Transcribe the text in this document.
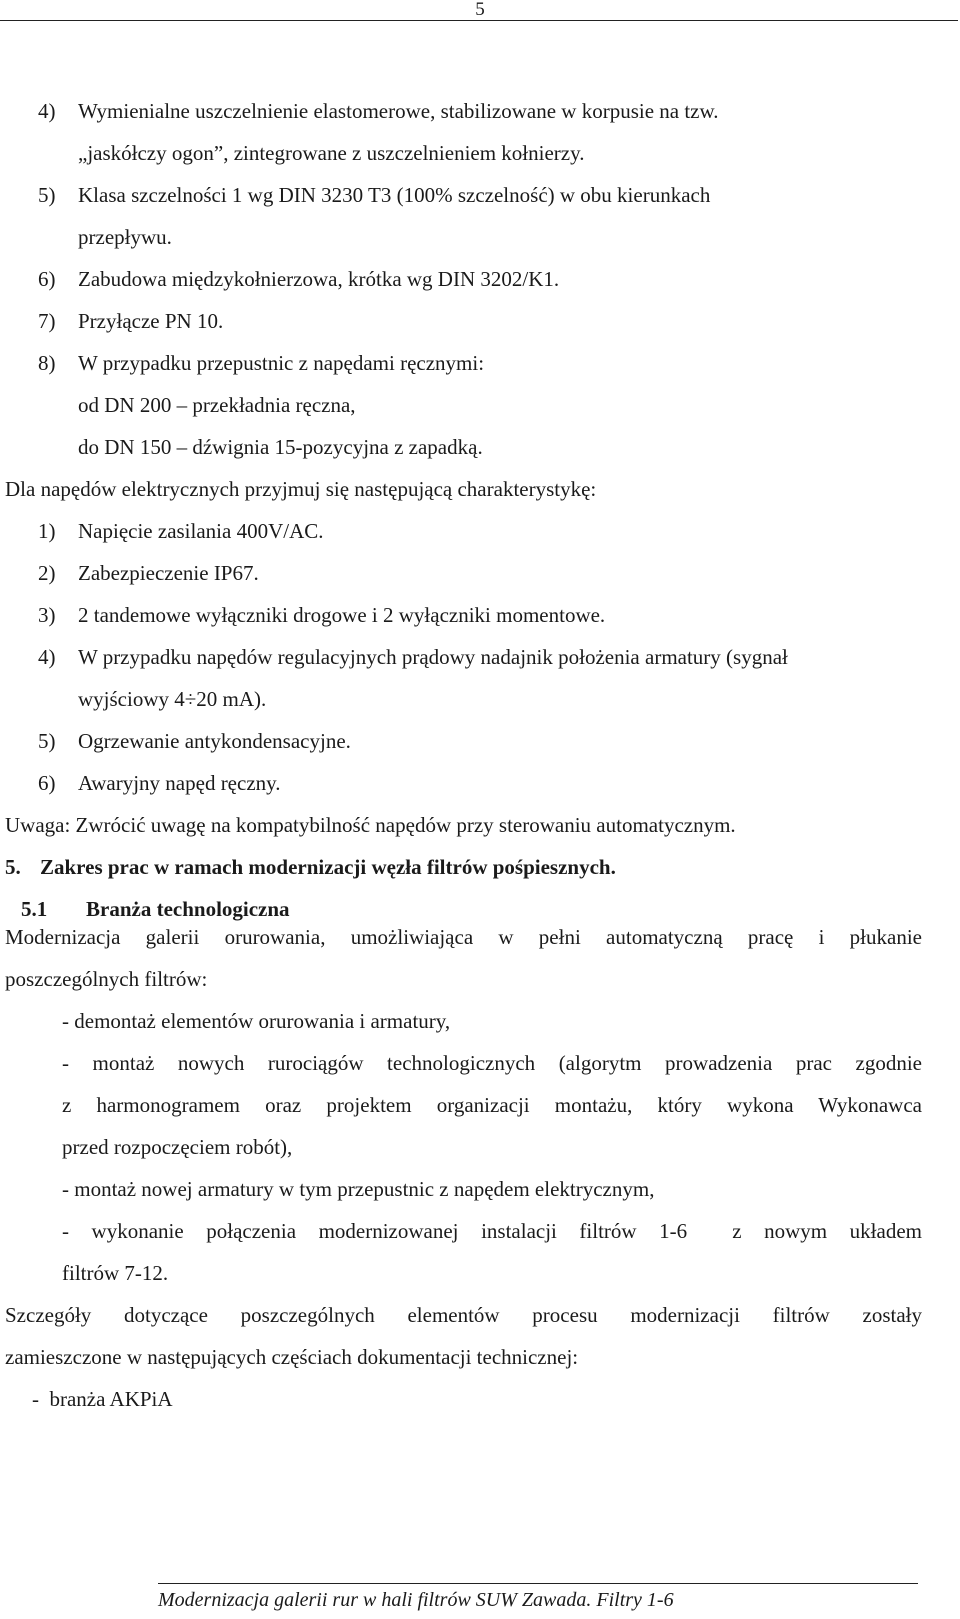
5
4) Wymienialne uszczelnienie elastomerowe, stabilizowane w korpusie na tzw.
„jaskółczy ogon”, zintegrowane z uszczelnieniem kołnierzy.
5) Klasa szczelności 1 wg DIN 3230 T3 (100% szczelność) w obu kierunkach
przepływu.
6) Zabudowa międzykołnierzowa, krótka wg DIN 3202/K1.
7) Przyłącze PN 10.
8) W przypadku przepustnic z napędami ręcznymi:
od DN 200 – przekładnia ręczna,
do DN 150 – dźwignia 15-pozycyjna z zapadką.
Dla napędów elektrycznych przyjmuj się następującą charakterystykę:
1) Napięcie zasilania 400V/AC.
2) Zabezpieczenie IP67.
3) 2 tandemowe wyłączniki drogowe i 2 wyłączniki momentowe.
4) W przypadku napędów regulacyjnych prądowy nadajnik położenia armatury (sygnał
wyjściowy 4÷20 mA).
5) Ogrzewanie antykondensacyjne.
6) Awaryjny napęd ręczny.
Uwaga: Zwrócić uwagę na kompatybilność napędów przy sterowaniu automatycznym.
5. Zakres prac w ramach modernizacji węzła filtrów pośpiesznych.
5.1 Branża technologiczna
Modernizacja galerii orurowania, umożliwiająca w pełni automatyczną pracę i płukanie
poszczególnych filtrów:
- demontaż elementów orurowania i armatury,
- montaż nowych rurociągów technologicznych (algorytm prowadzenia prac zgodnie
z harmonogramem oraz projektem organizacji montażu, który wykona Wykonawca
przed rozpoczęciem robót),
- montaż nowej armatury w tym przepustnic z napędem elektrycznym,
- wykonanie połączenia modernizowanej instalacji filtrów 1-6  z nowym układem
filtrów 7-12.
Szczegóły dotyczące poszczególnych elementów procesu modernizacji filtrów zostały
zamieszczone w następujących częściach dokumentacji technicznej:
-  branża AKPiA
Modernizacja galerii rur w hali filtrów SUW Zawada. Filtry 1-6
